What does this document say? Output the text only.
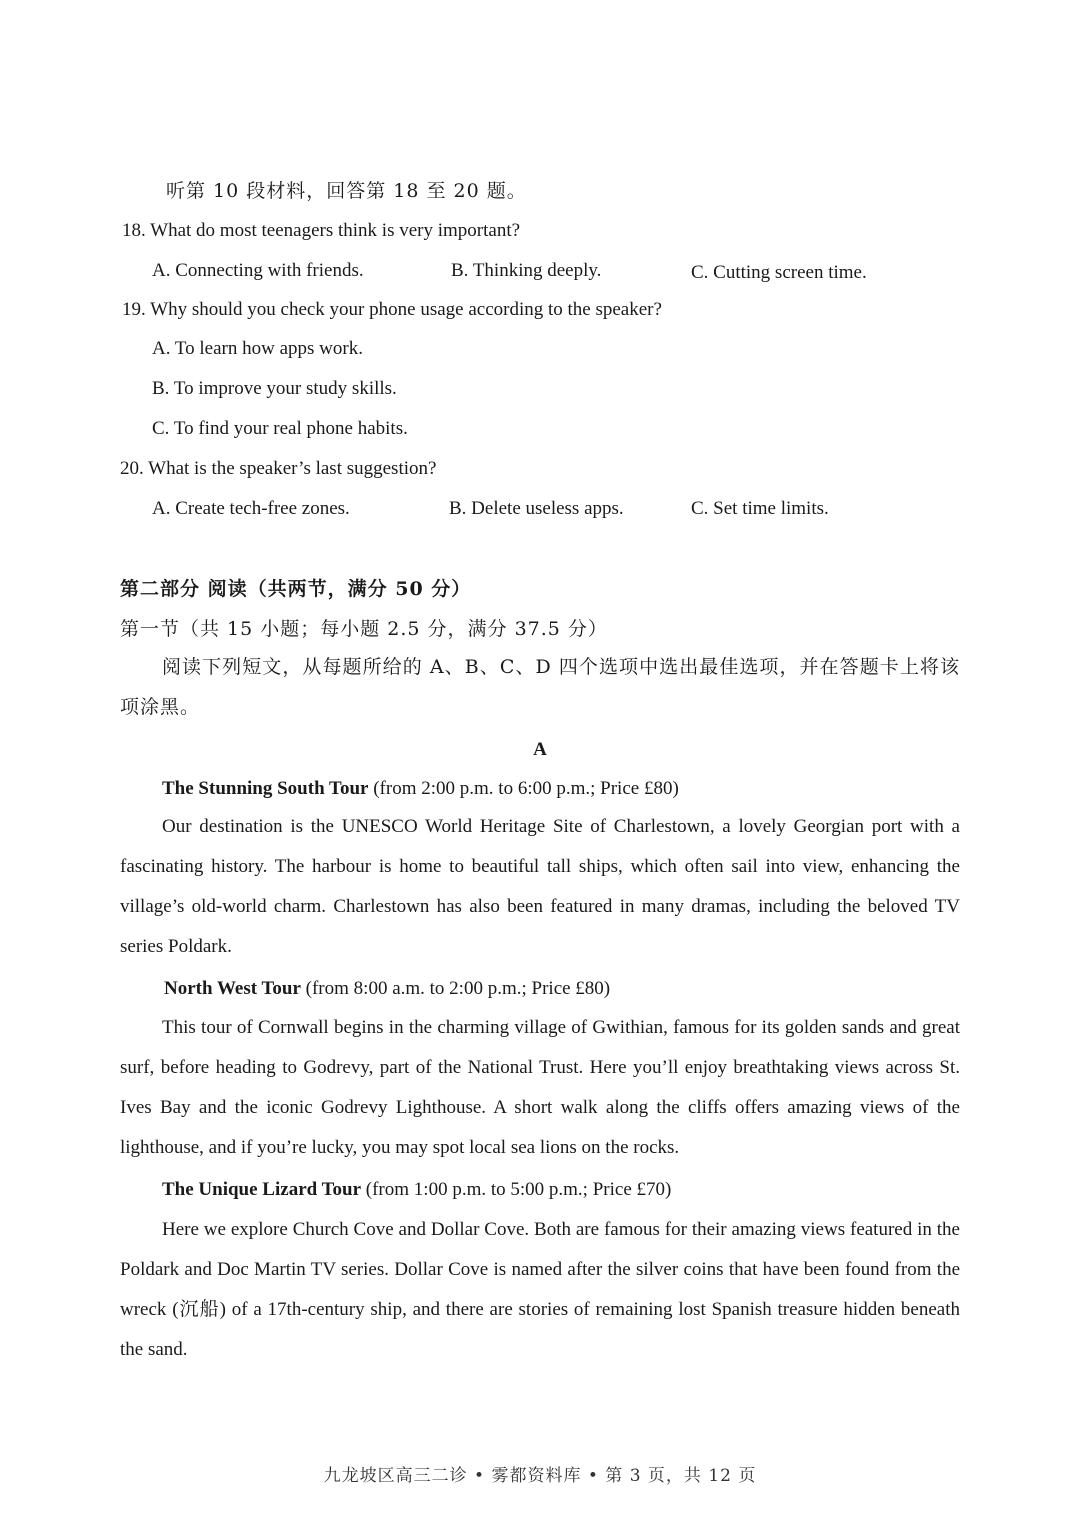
听第 10 段材料，回答第 18 至 20 题。
18. What do most teenagers think is very important?
A. Connecting with friends.	B. Thinking deeply.	C. Cutting screen time.
19. Why should you check your phone usage according to the speaker?
A. To learn how apps work.
B. To improve your study skills.
C. To find your real phone habits.
20. What is the speaker’s last suggestion?
A. Create tech-free zones.	B. Delete useless apps.	C. Set time limits.
第二部分 阅读（共两节，满分 50 分）
第一节（共 15 小题；每小题 2.5 分，满分 37.5 分）
阅读下列短文，从每题所给的 A、B、C、D 四个选项中选出最佳选项，并在答题卡上将该项涂黑。
A
The Stunning South Tour (from 2:00 p.m. to 6:00 p.m.; Price £80)
Our destination is the UNESCO World Heritage Site of Charlestown, a lovely Georgian port with a fascinating history. The harbour is home to beautiful tall ships, which often sail into view, enhancing the village’s old-world charm. Charlestown has also been featured in many dramas, including the beloved TV series Poldark.
North West Tour (from 8:00 a.m. to 2:00 p.m.; Price £80)
This tour of Cornwall begins in the charming village of Gwithian, famous for its golden sands and great surf, before heading to Godrevy, part of the National Trust. Here you’ll enjoy breathtaking views across St. Ives Bay and the iconic Godrevy Lighthouse. A short walk along the cliffs offers amazing views of the lighthouse, and if you’re lucky, you may spot local sea lions on the rocks.
The Unique Lizard Tour (from 1:00 p.m. to 5:00 p.m.; Price £70)
Here we explore Church Cove and Dollar Cove. Both are famous for their amazing views featured in the Poldark and Doc Martin TV series. Dollar Cove is named after the silver coins that have been found from the wreck (沉船) of a 17th-century ship, and there are stories of remaining lost Spanish treasure hidden beneath the sand.
九龙坡区高三二诊 • 雾都资料库 • 第 3 页，共 12 页
